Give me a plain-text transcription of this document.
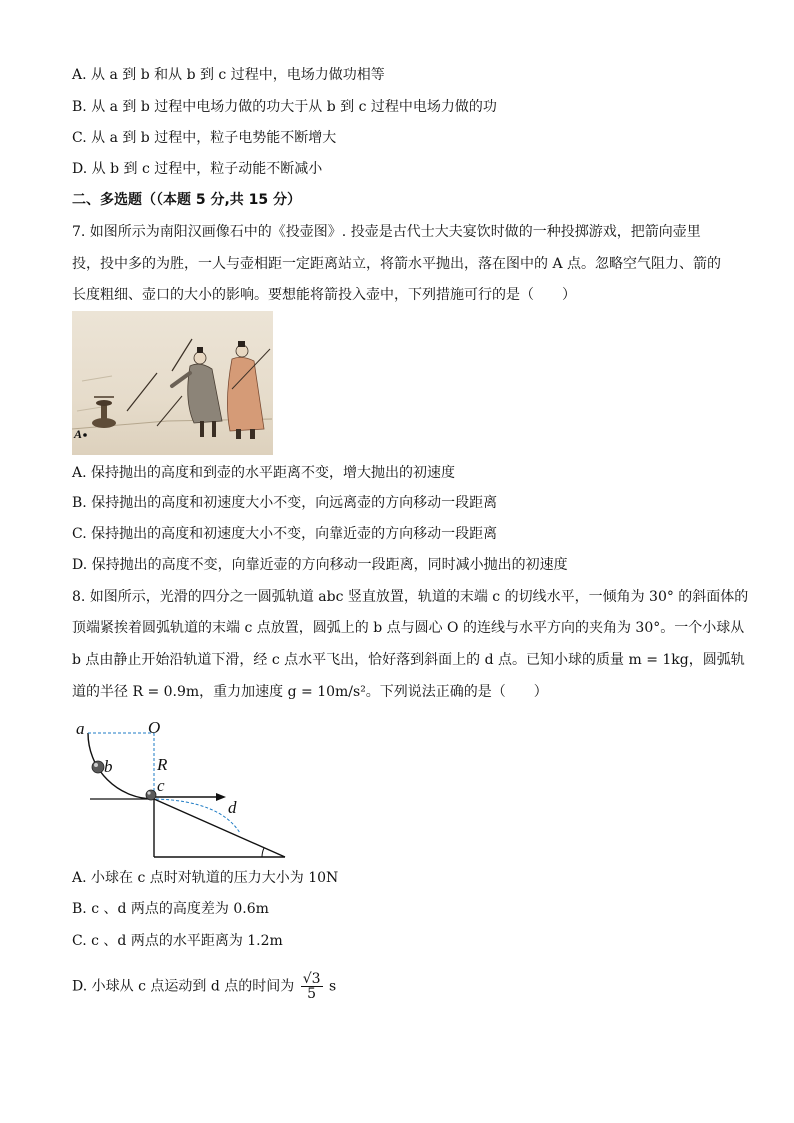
A. 从 a 到 b 和从 b 到 c 过程中，电场力做功相等
B. 从 a 到 b 过程中电场力做的功大于从 b 到 c 过程中电场力做的功
C. 从 a 到 b 过程中，粒子电势能不断增大
D. 从 b 到 c 过程中，粒子动能不断减小
二、多选题（（本题 5 分,共 15 分）
7. 如图所示为南阳汉画像石中的《投壶图》. 投壶是古代士大夫宴饮时做的一种投掷游戏，把箭向壶里
投，投中多的为胜，一人与壶相距一定距离站立，将箭水平抛出，落在图中的 A 点。忽略空气阻力、箭的
长度粗细、壶口的大小的影响。要想能将箭投入壶中，下列措施可行的是（　　）
A
A. 保持抛出的高度和到壶的水平距离不变，增大抛出的初速度
B. 保持抛出的高度和初速度大小不变，向远离壶的方向移动一段距离
C. 保持抛出的高度和初速度大小不变，向靠近壶的方向移动一段距离
D. 保持抛出的高度不变，向靠近壶的方向移动一段距离，同时减小抛出的初速度
8. 如图所示，光滑的四分之一圆弧轨道 abc 竖直放置，轨道的末端 c 的切线水平，一倾角为 30° 的斜面体的
顶端紧挨着圆弧轨道的末端 c 点放置，圆弧上的 b 点与圆心 O 的连线与水平方向的夹角为 30°。一个小球从
b 点由静止开始沿轨道下滑，经 c 点水平飞出，恰好落到斜面上的 d 点。已知小球的质量 m = 1kg，圆弧轨
道的半径 R = 0.9m，重力加速度 g = 10m/s²。下列说法正确的是（　　）
a	O
b	R
c
d
A. 小球在 c 点时对轨道的压力大小为 10N
B. c 、d 两点的高度差为 0.6m
C. c 、d 两点的水平距离为 1.2m
D. 小球从 c 点运动到 d 点的时间为 $\frac{√3}{5}$ s
